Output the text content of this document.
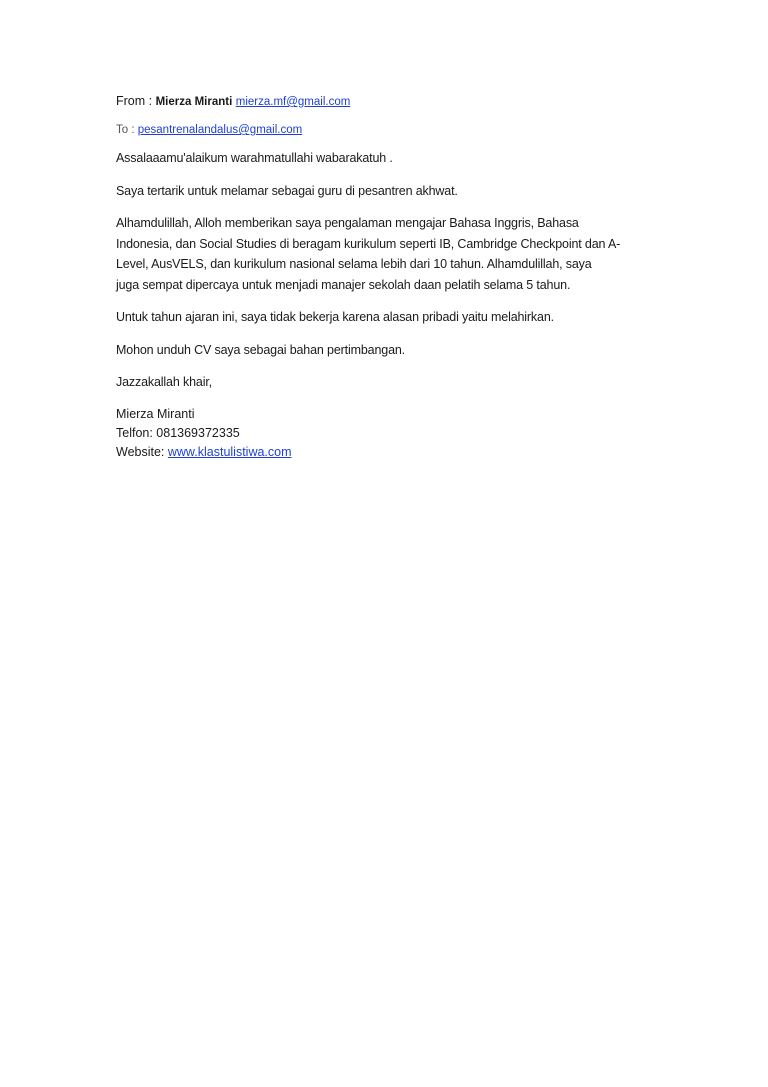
From : Mierza Miranti mierza.mf@gmail.com
To : pesantrenalandalus@gmail.com

Assalaaamu'alaikum warahmatullahi wabarakatuh .

Saya tertarik untuk melamar sebagai guru di pesantren akhwat.

Alhamdulillah, Alloh memberikan saya pengalaman mengajar Bahasa Inggris, Bahasa
Indonesia, dan Social Studies di beragam kurikulum seperti IB, Cambridge Checkpoint dan A-
Level, AusVELS, dan kurikulum nasional selama lebih dari 10 tahun. Alhamdulillah, saya
juga sempat dipercaya untuk menjadi manajer sekolah daan pelatih selama 5 tahun.

Untuk tahun ajaran ini, saya tidak bekerja karena alasan pribadi yaitu melahirkan.

Mohon unduh CV saya sebagai bahan pertimbangan.

Jazzakallah khair,

Mierza Miranti
Telfon: 081369372335
Website: www.klastulistiwa.com
